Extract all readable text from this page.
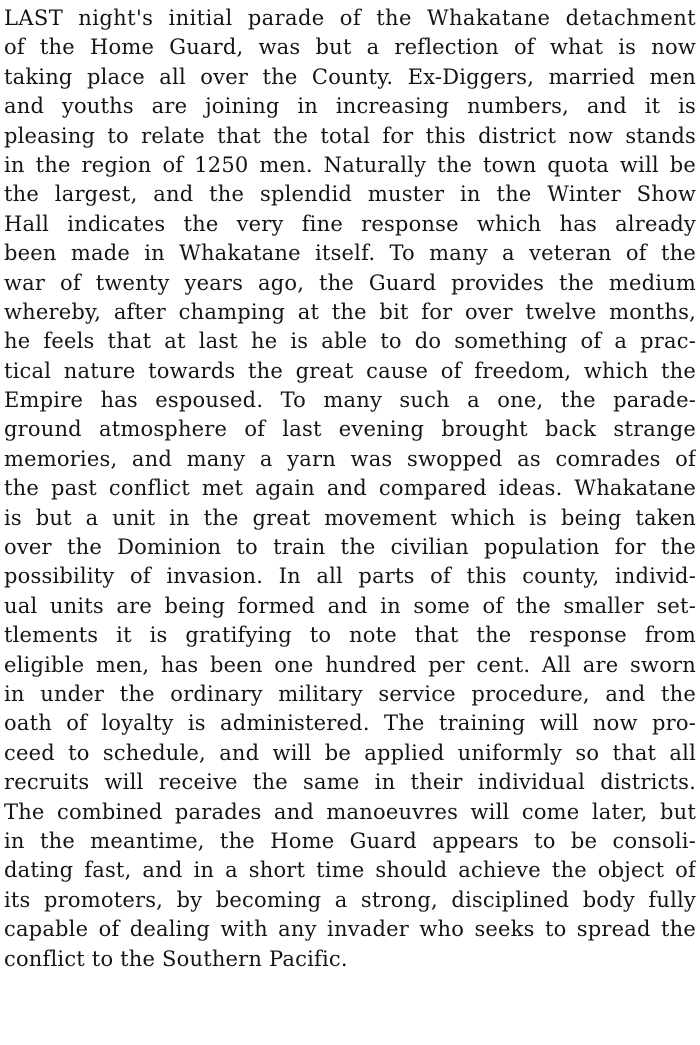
LAST night's initial parade of the Whakatane detachment
of the Home Guard, was but a reflection of what is now
taking place all over the County. Ex-Diggers, married men
and youths are joining in increasing numbers, and it is
pleasing to relate that the total for this district now stands
in the region of 1250 men. Naturally the town quota will be
the largest, and the splendid muster in the Winter Show
Hall indicates the very fine response which has already
been made in Whakatane itself. To many a veteran of the
war of twenty years ago, the Guard provides the medium
whereby, after champing at the bit for over twelve months,
he feels that at last he is able to do something of a prac-
tical nature towards the great cause of freedom, which the
Empire has espoused. To many such a one, the parade-
ground atmosphere of last evening brought back strange
memories, and many a yarn was swopped as comrades of
the past conflict met again and compared ideas. Whakatane
is but a unit in the great movement which is being taken
over the Dominion to train the civilian population for the
possibility of invasion. In all parts of this county, individ-
ual units are being formed and in some of the smaller set-
tlements it is gratifying to note that the response from
eligible men, has been one hundred per cent. All are sworn
in under the ordinary military service procedure, and the
oath of loyalty is administered. The training will now pro-
ceed to schedule, and will be applied uniformly so that all
recruits will receive the same in their individual districts.
The combined parades and manoeuvres will come later, but
in the meantime, the Home Guard appears to be consoli-
dating fast, and in a short time should achieve the object of
its promoters, by becoming a strong, disciplined body fully
capable of dealing with any invader who seeks to spread the
conflict to the Southern Pacific.
